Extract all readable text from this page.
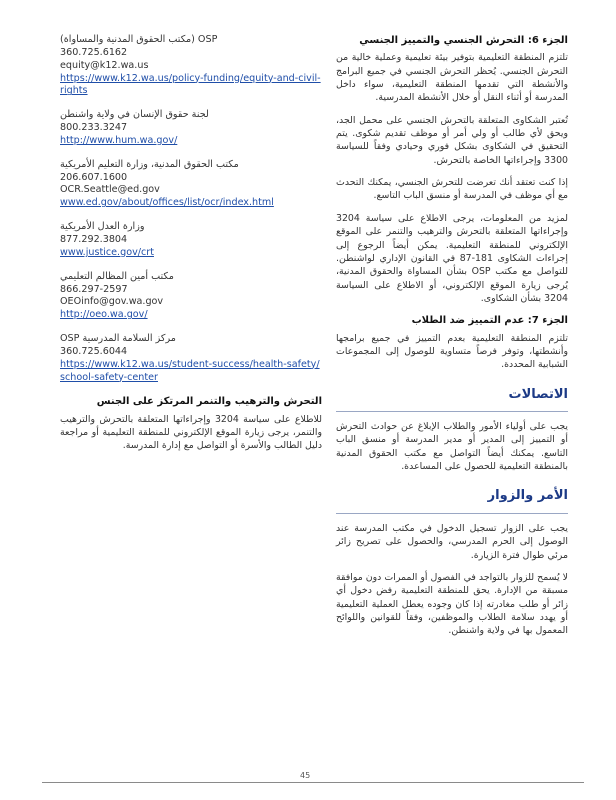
(مكتب الحقوق المدنية والمساواة) OSP

360.725.6162

equity@k12.wa.us

https://www.k12.wa.us/policy-funding/equity-and-civil-rights

لجنة حقوق الإنسان في ولاية واشنطن

800.233.3247

http://www.hum.wa.gov/

مكتب الحقوق المدنية، وزارة التعليم الأمريكية

206.607.1600

OCR.Seattle@ed.gov

www.ed.gov/about/offices/list/ocr/index.html

وزارة العدل الأمريكية

877.292.3804

www.justice.gov/crt

مكتب أمين المظالم التعليمي

866.297-2597

OEOinfo@gov.wa.gov

http://oeo.wa.gov/

OSP مركز السلامة المدرسية

360.725.6044

https://www.k12.wa.us/student-success/health-safety/school-safety-center

التحرش والترهيب والتنمر المرتكز على الجنس

للاطلاع على سياسة 3204 وإجراءاتها المتعلقة بالتحرش والترهيب والتنمر، يرجى زيارة الموقع الإلكتروني للمنطقة التعليمية أو مراجعة دليل الطالب والأسرة أو التواصل مع إدارة المدرسة.

الجزء 6: التحرش الجنسي والتمييز الجنسي

تلتزم المنطقة التعليمية بتوفير بيئة تعليمية وعملية خالية من التحرش الجنسي. يُحظر التحرش الجنسي في جميع البرامج والأنشطة التي تقدمها المنطقة التعليمية، سواء داخل المدرسة أو أثناء النقل أو خلال الأنشطة المدرسية.

تُعتبر الشكاوى المتعلقة بالتحرش الجنسي على محمل الجد، ويحق لأي طالب أو ولي أمر أو موظف تقديم شكوى. يتم التحقيق في الشكاوى بشكل فوري وحيادي وفقاً للسياسة 3300 وإجراءاتها الخاصة بالتحرش.

إذا كنت تعتقد أنك تعرضت للتحرش الجنسي، يمكنك التحدث مع أي موظف في المدرسة أو منسق الباب التاسع.

لمزيد من المعلومات، يرجى الاطلاع على سياسة 3204 وإجراءاتها المتعلقة بالتحرش والترهيب والتنمر على الموقع الإلكتروني للمنطقة التعليمية. يمكن أيضاً الرجوع إلى إجراءات الشكاوى 181-87 في القانون الإداري لواشنطن. للتواصل مع مكتب OSP بشأن المساواة والحقوق المدنية، يُرجى زيارة الموقع الإلكتروني، أو الاطلاع على السياسة 3204 بشأن الشكاوى.

الجزء 7: عدم التمييز ضد الطلاب

تلتزم المنطقة التعليمية بعدم التمييز في جميع برامجها وأنشطتها، وتوفر فرصاً متساوية للوصول إلى المجموعات الشبابية المحددة.

الاتصالات

يجب على أولياء الأمور والطلاب الإبلاغ عن حوادث التحرش أو التمييز إلى المدير أو مدير المدرسة أو منسق الباب التاسع. يمكنك أيضاً التواصل مع مكتب الحقوق المدنية بالمنطقة التعليمية للحصول على المساعدة.

الأمر والزوار

يجب على الزوار تسجيل الدخول في مكتب المدرسة عند الوصول إلى الحرم المدرسي، والحصول على تصريح زائر مرئي طوال فترة الزيارة.

لا يُسمح للزوار بالتواجد في الفصول أو الممرات دون موافقة مسبقة من الإدارة. يحق للمنطقة التعليمية رفض دخول أي زائر أو طلب مغادرته إذا كان وجوده يعطل العملية التعليمية أو يهدد سلامة الطلاب والموظفين، وفقاً للقوانين واللوائح المعمول بها في ولاية واشنطن.

45
